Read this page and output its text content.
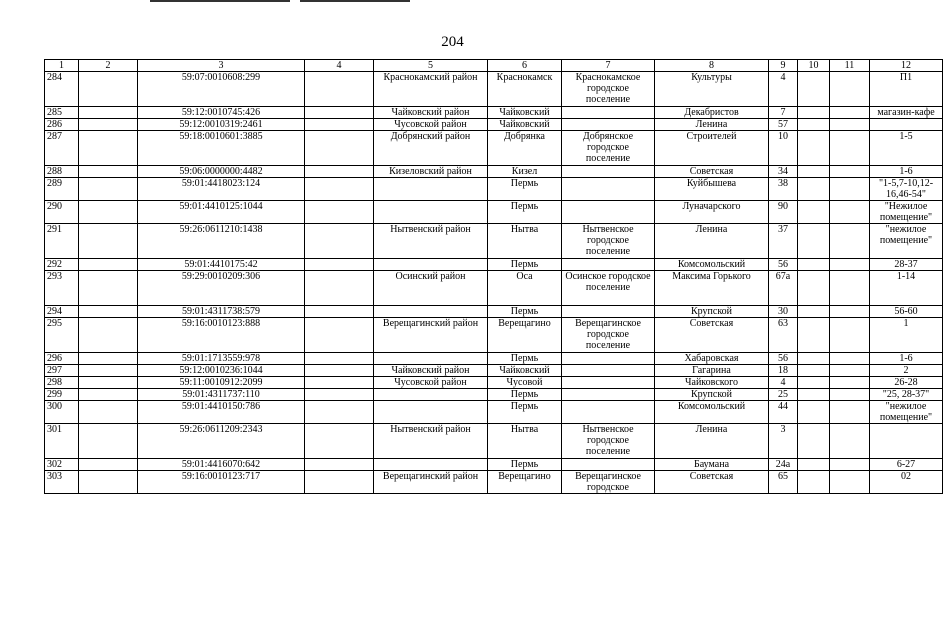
204
1	2	3	4	5	6	7	8	9	10	11	12
284		59:07:0010608:299		Краснокамский район	Краснокамск	Краснокамское городское поселение	Культуры	4			П1
285		59:12:0010745:426		Чайковский район	Чайковский		Декабристов	7			магазин-кафе
286		59:12:0010319:2461		Чусовской район	Чайковский		Ленина	57			
287		59:18:0010601:3885		Добрянский район	Добрянка	Добрянское городское поселение	Строителей	10			1-5
288		59:06:0000000:4482		Кизеловский район	Кизел		Советская	34			1-6
289		59:01:4418023:124			Пермь		Куйбышева	38			"1-5,7-10,12-16,46-54"
290		59:01:4410125:1044			Пермь		Луначарского	90			"Нежилое помещение"
291		59:26:0611210:1438		Нытвенский район	Нытва	Нытвенское городское поселение	Ленина	37			"нежилое помещение"
292		59:01:4410175:42			Пермь		Комсомольский	56			28-37
293		59:29:0010209:306		Осинский район	Оса	Осинское городское поселение	Максима Горького	67а			1-14
294		59:01:4311738:579			Пермь		Крупской	30			56-60
295		59:16:0010123:888		Верещагинский район	Верещагино	Верещагинское городское поселение	Советская	63			1
296		59:01:1713559:978			Пермь		Хабаровская	56			1-6
297		59:12:0010236:1044		Чайковский район	Чайковский		Гагарина	18			2
298		59:11:0010912:2099		Чусовской район	Чусовой		Чайковского	4			26-28
299		59:01:4311737:110			Пермь		Крупской	25			"25, 28-37"
300		59:01:4410150:786			Пермь		Комсомольский	44			"нежилое помещение"
301		59:26:0611209:2343		Нытвенский район	Нытва	Нытвенское городское поселение	Ленина	3			
302		59:01:4416070:642			Пермь		Баумана	24а			6-27
303		59:16:0010123:717		Верещагинский район	Верещагино	Верещагинское городское	Советская	65			02
